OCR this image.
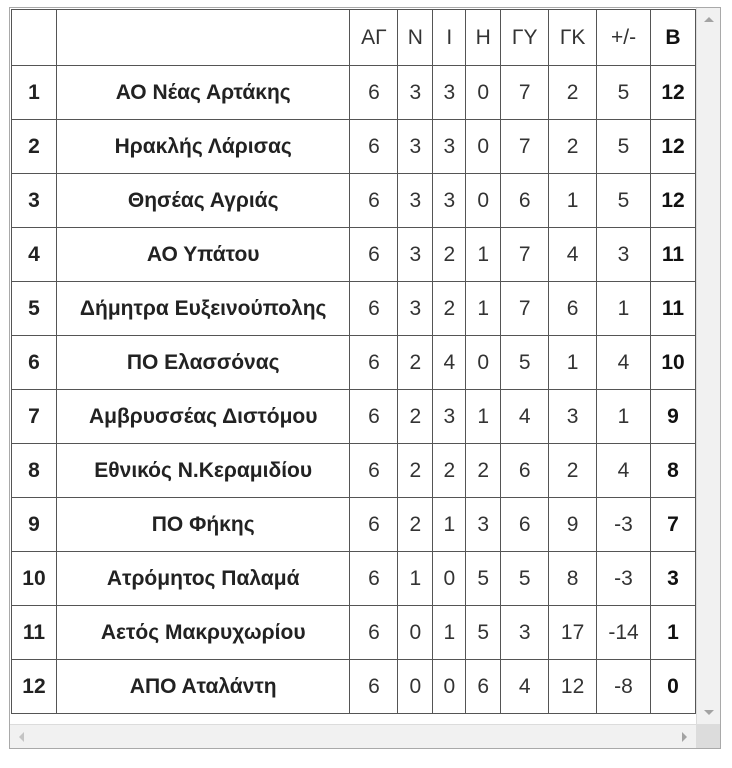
		ΑΓ	Ν	Ι	Η	ΓΥ	ΓΚ	+/-	Β
1	ΑΟ Νέας Αρτάκης	6	3	3	0	7	2	5	12
2	Ηρακλής Λάρισας	6	3	3	0	7	2	5	12
3	Θησέας Αγριάς	6	3	3	0	6	1	5	12
4	ΑΟ Υπάτου	6	3	2	1	7	4	3	11
5	Δήμητρα Ευξεινούπολης	6	3	2	1	7	6	1	11
6	ΠΟ Ελασσόνας	6	2	4	0	5	1	4	10
7	Αμβρυσσέας Διστόμου	6	2	3	1	4	3	1	9
8	Εθνικός Ν.Κεραμιδίου	6	2	2	2	6	2	4	8
9	ΠΟ Φήκης	6	2	1	3	6	9	-3	7
10	Ατρόμητος Παλαμά	6	1	0	5	5	8	-3	3
11	Αετός Μακρυχωρίου	6	0	1	5	3	17	-14	1
12	ΑΠΟ Αταλάντη	6	0	0	6	4	12	-8	0
